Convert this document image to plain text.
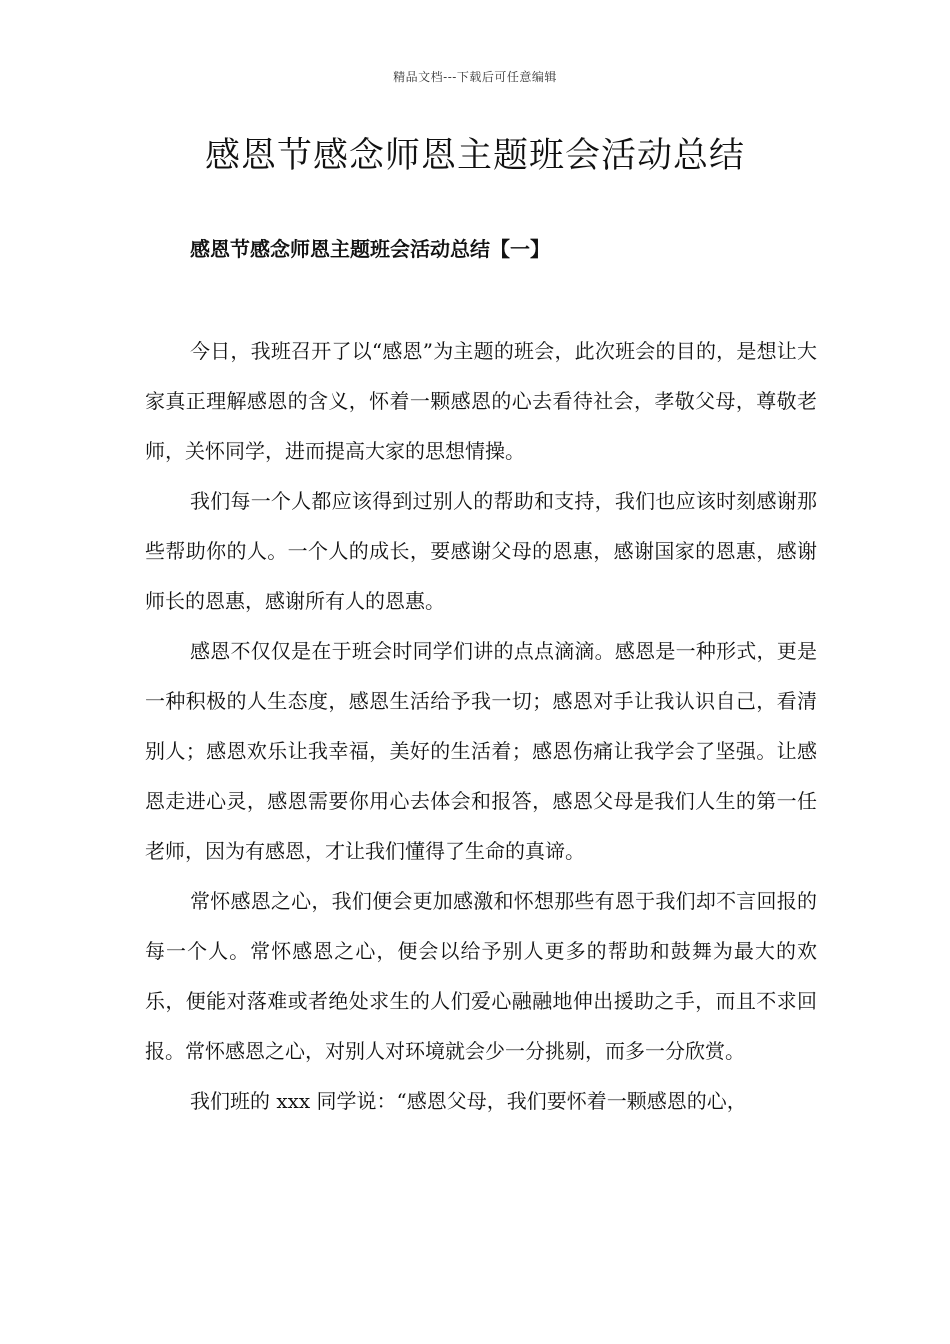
精品文档---下载后可任意编辑
感恩节感念师恩主题班会活动总结
感恩节感念师恩主题班会活动总结【一】

今日，我班召开了以“感恩”为主题的班会，此次班会的目的，是想让大家真正理解感恩的含义，怀着一颗感恩的心去看待社会，孝敬父母，尊敬老师，关怀同学，进而提高大家的思想情操。

我们每一个人都应该得到过别人的帮助和支持，我们也应该时刻感谢那些帮助你的人。一个人的成长，要感谢父母的恩惠，感谢国家的恩惠，感谢师长的恩惠，感谢所有人的恩惠。

感恩不仅仅是在于班会时同学们讲的点点滴滴。感恩是一种形式，更是一种积极的人生态度，感恩生活给予我一切；感恩对手让我认识自己，看清别人；感恩欢乐让我幸福，美好的生活着；感恩伤痛让我学会了坚强。让感恩走进心灵，感恩需要你用心去体会和报答，感恩父母是我们人生的第一任老师，因为有感恩，才让我们懂得了生命的真谛。

常怀感恩之心，我们便会更加感激和怀想那些有恩于我们却不言回报的每一个人。常怀感恩之心，便会以给予别人更多的帮助和鼓舞为最大的欢乐，便能对落难或者绝处求生的人们爱心融融地伸出援助之手，而且不求回报。常怀感恩之心，对别人对环境就会少一分挑剔，而多一分欣赏。

我们班的 xxx 同学说：“感恩父母，我们要怀着一颗感恩的心，
